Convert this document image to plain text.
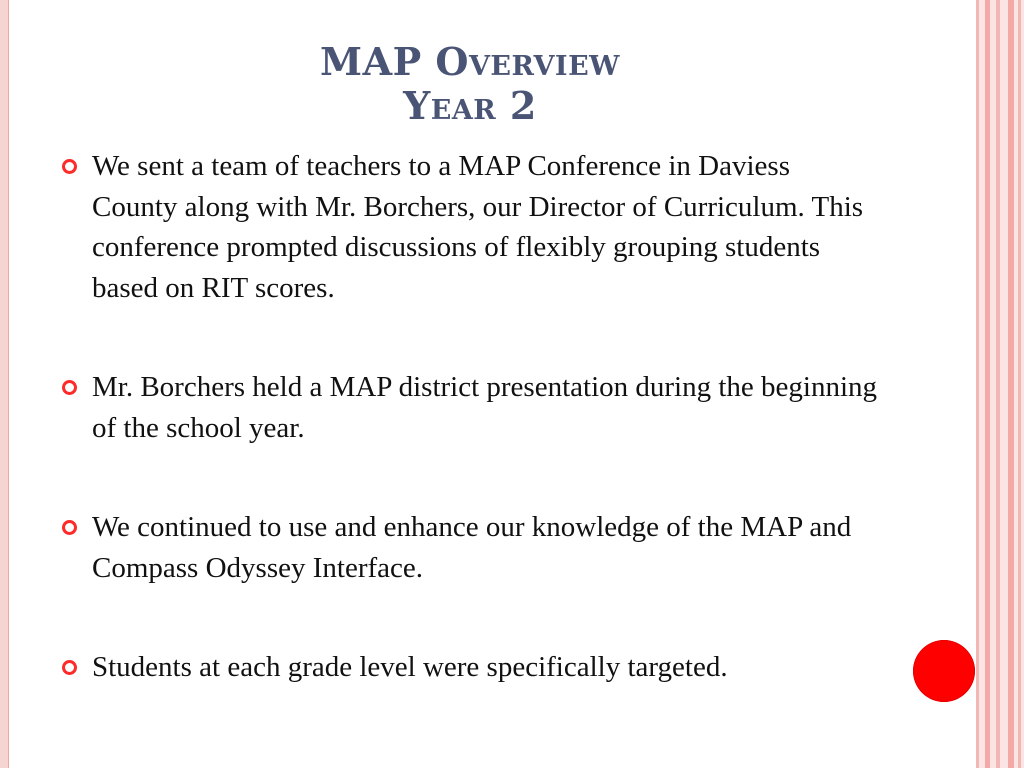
MAP Overview
Year 2
We sent a team of teachers to a MAP Conference in Daviess County along with Mr. Borchers, our Director of Curriculum. This conference prompted discussions of flexibly grouping students based on RIT scores.
Mr. Borchers held a MAP district presentation during the beginning of the school year.
We continued to use and enhance our knowledge of the MAP and Compass Odyssey Interface.
Students at each grade level were specifically targeted.
